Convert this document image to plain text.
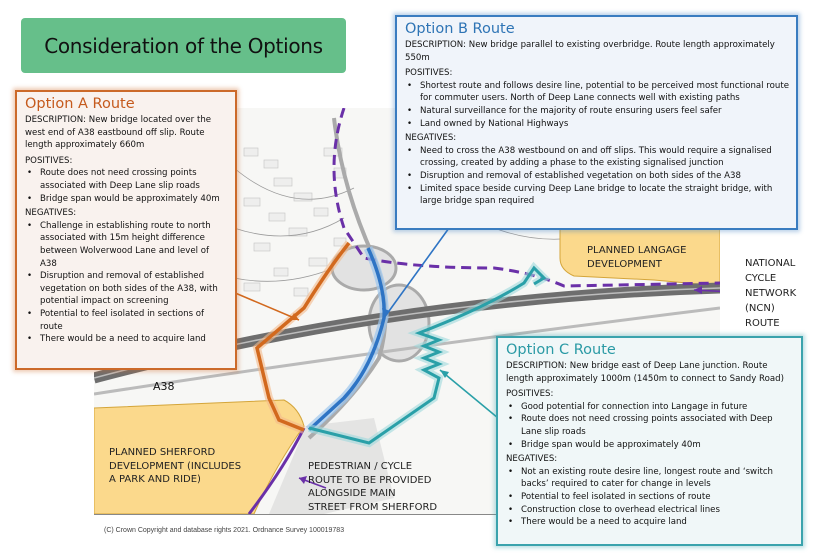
Consideration of the Options
A38
PLANNED LANGAGE DEVELOPMENT	NATIONAL
CYCLE
NETWORK
(NCN)
ROUTE
PLANNED SHERFORD
DEVELOPMENT (INCLUDES
A PARK AND RIDE)
PEDESTRIAN / CYCLE
ROUTE TO BE PROVIDED
ALONGSIDE MAIN
STREET FROM SHERFORD
(C) Crown Copyright and database rights 2021. Ordnance Survey 100019783
Option A Route

DESCRIPTION: New bridge located over the west end of A38 eastbound off slip. Route length approximately 660m

POSITIVES:
• Route does not need crossing points associated with Deep Lane slip roads
• Bridge span would be approximately 40m
NEGATIVES:
• Challenge in establishing route to north associated with 15m height difference between Wolverwood Lane and level of A38
• Disruption and removal of established vegetation on both sides of the A38, with potential impact on screening
• Potential to feel isolated in sections of route
• There would be a need to acquire land
Option B Route

DESCRIPTION: New bridge parallel to existing overbridge. Route length approximately 550m

POSITIVES:
• Shortest route and follows desire line, potential to be perceived most functional route for commuter users. North of Deep Lane connects well with existing paths
• Natural surveillance for the majority of route ensuring users feel safer
• Land owned by National Highways
NEGATIVES:
• Need to cross the A38 westbound on and off slips. This would require a signalised crossing, created by adding a phase to the existing signalised junction
• Disruption and removal of established vegetation on both sides of the A38
• Limited space beside curving Deep Lane bridge to locate the straight bridge, with large bridge span required
Option C Route

DESCRIPTION: New bridge east of Deep Lane junction. Route length approximately 1000m (1450m to connect to Sandy Road)

POSITIVES:
• Good potential for connection into Langage in future
• Route does not need crossing points associated with Deep Lane slip roads
• Bridge span would be approximately 40m
NEGATIVES:
• Not an existing route desire line, longest route and ‘switch backs’ required to cater for change in levels
• Potential to feel isolated in sections of route
• Construction close to overhead electrical lines
• There would be a need to acquire land
